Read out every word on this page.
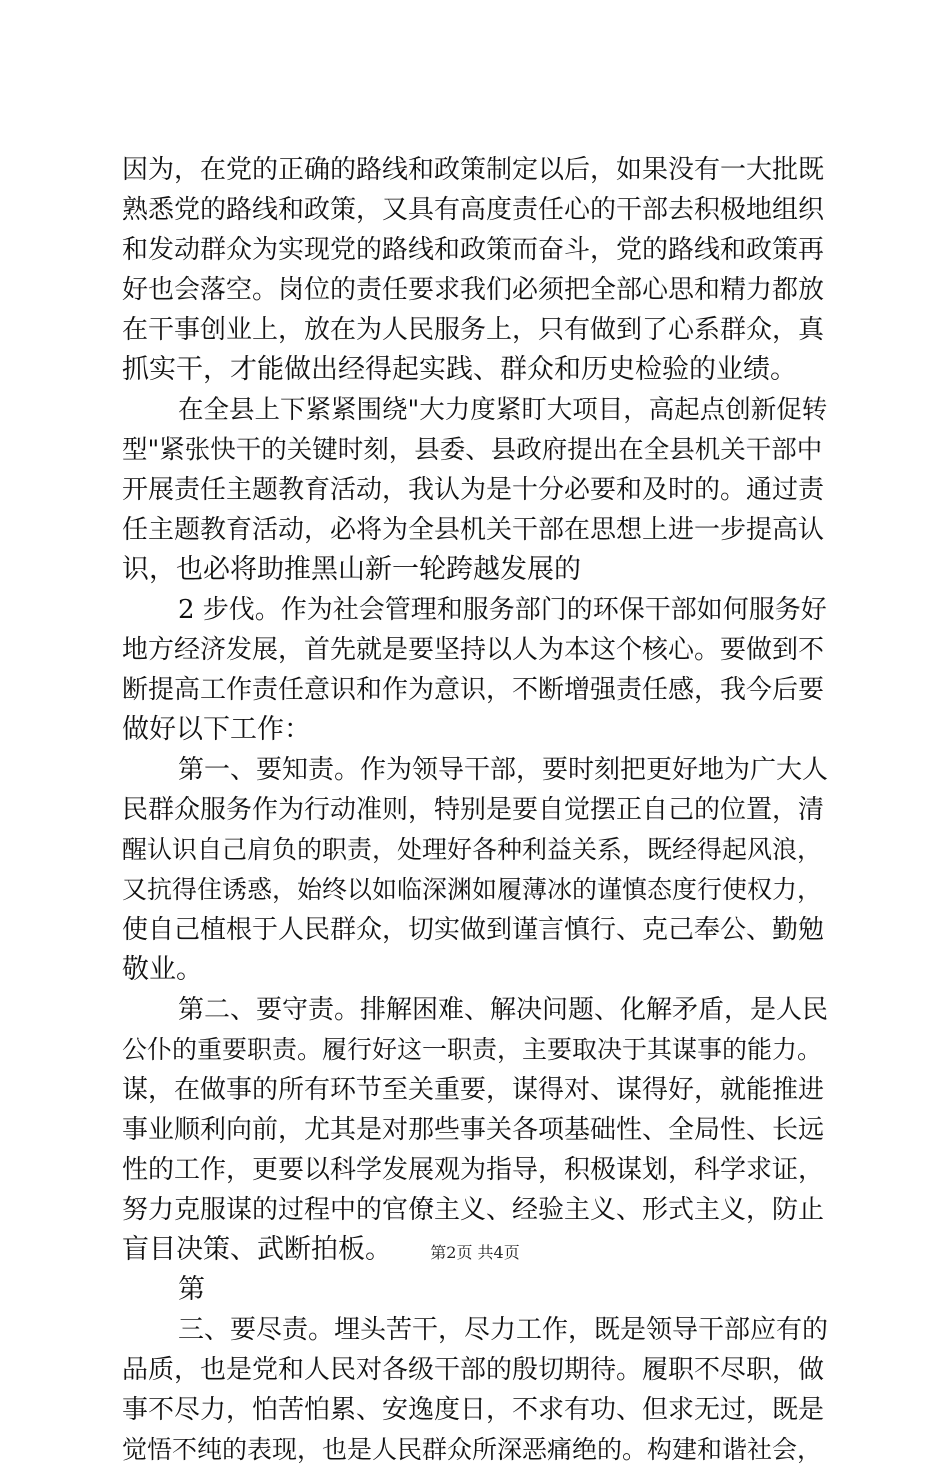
因为，在党的正确的路线和政策制定以后，如果没有一大批既
熟悉党的路线和政策，又具有高度责任心的干部去积极地组织
和发动群众为实现党的路线和政策而奋斗，党的路线和政策再
好也会落空。岗位的责任要求我们必须把全部心思和精力都放
在干事创业上，放在为人民服务上，只有做到了心系群众，真
抓实干，才能做出经得起实践、群众和历史检验的业绩。
在全县上下紧紧围绕"大力度紧盯大项目，高起点创新促转
型"紧张快干的关键时刻，县委、县政府提出在全县机关干部中
开展责任主题教育活动，我认为是十分必要和及时的。通过责
任主题教育活动，必将为全县机关干部在思想上进一步提高认
识，也必将助推黑山新一轮跨越发展的
2 步伐。作为社会管理和服务部门的环保干部如何服务好
地方经济发展，首先就是要坚持以人为本这个核心。要做到不
断提高工作责任意识和作为意识，不断增强责任感，我今后要
做好以下工作：
第一、要知责。作为领导干部，要时刻把更好地为广大人
民群众服务作为行动准则，特别是要自觉摆正自己的位置，清
醒认识自己肩负的职责，处理好各种利益关系，既经得起风浪，
又抗得住诱惑，始终以如临深渊如履薄冰的谨慎态度行使权力，
使自己植根于人民群众，切实做到谨言慎行、克己奉公、勤勉
敬业。
第二、要守责。排解困难、解决问题、化解矛盾，是人民
公仆的重要职责。履行好这一职责，主要取决于其谋事的能力。
谋，在做事的所有环节至关重要，谋得对、谋得好，就能推进
事业顺利向前，尤其是对那些事关各项基础性、全局性、长远
性的工作，更要以科学发展观为指导，积极谋划，科学求证，
努力克服谋的过程中的官僚主义、经验主义、形式主义，防止
盲目决策、武断拍板。
第
三、要尽责。埋头苦干，尽力工作，既是领导干部应有的
品质，也是党和人民对各级干部的殷切期待。履职不尽职，做
事不尽力，怕苦怕累、安逸度日，不求有功、但求无过，既是
觉悟不纯的表现，也是人民群众所深恶痛绝的。构建和谐社会，
第2页 共4页
